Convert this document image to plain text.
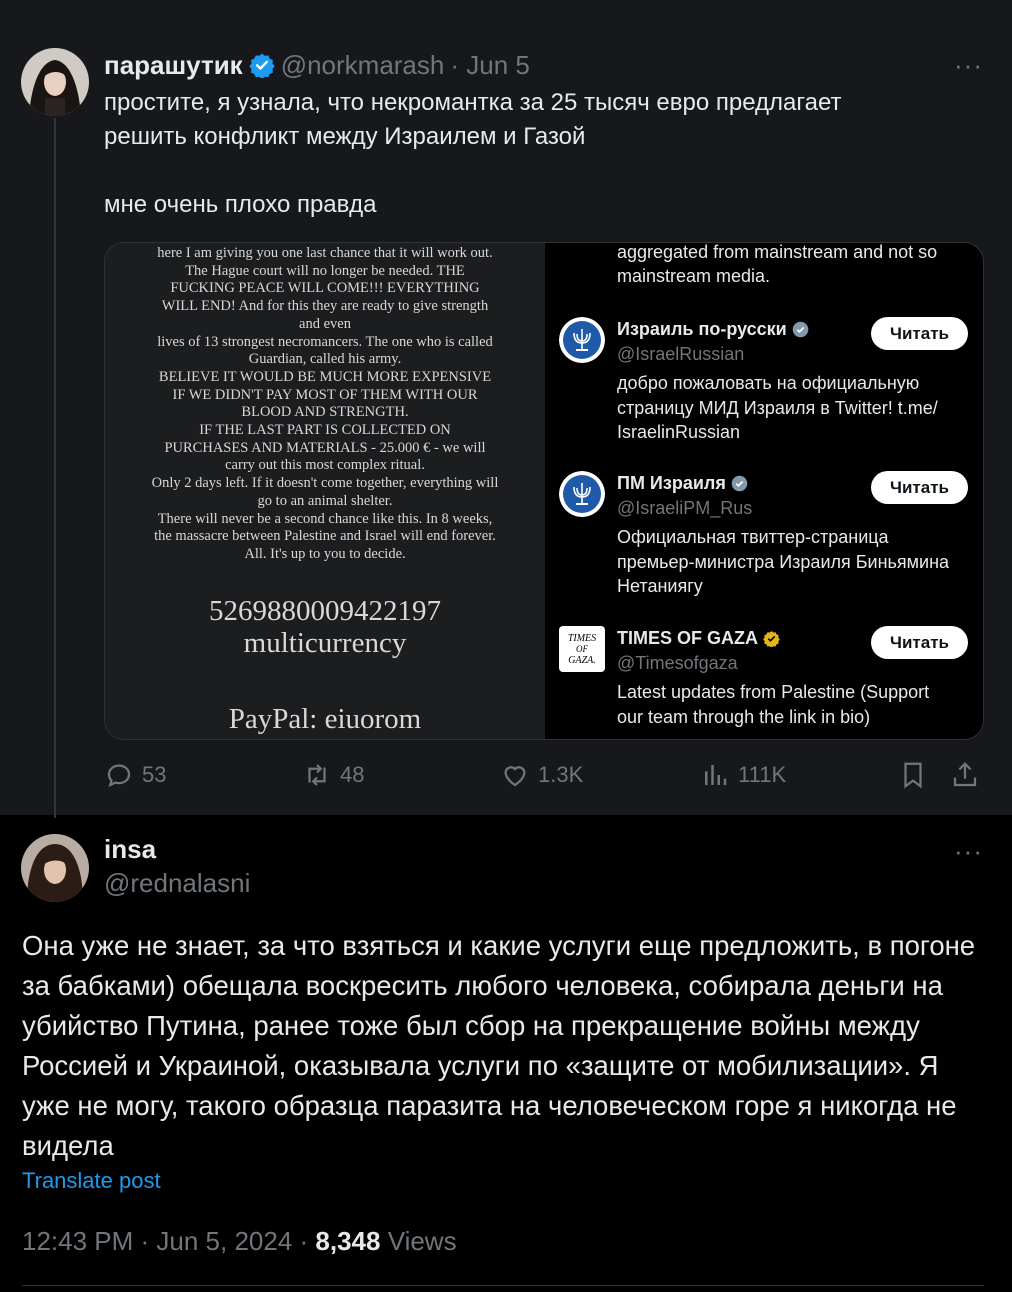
парашутик @norkmarash · Jun 5	···
простите, я узнала, что некромантка за 25 тысяч евро предлагает
решить конфликт между Израилем и Газой

мне очень плохо правда
here I am giving you one last chance that it will work out.
The Hague court will no longer be needed. THE
FUCKING PEACE WILL COME!!! EVERYTHING
WILL END! And for this they are ready to give strength
and even
lives of 13 strongest necromancers. The one who is called
Guardian, called his army.
BELIEVE IT WOULD BE MUCH MORE EXPENSIVE
IF WE DIDN'T PAY MOST OF THEM WITH OUR
BLOOD AND STRENGTH.
IF THE LAST PART IS COLLECTED ON
PURCHASES AND MATERIALS - 25.000 € - we will
carry out this most complex ritual.
Only 2 days left. If it doesn't come together, everything will
go to an animal shelter.
There will never be a second chance like this. In 8 weeks,
the massacre between Palestine and Israel will end forever.
All. It's up to you to decide.
5269880009422197
multicurrency
PayPal: eiuorom
aggregated from mainstream and not so
mainstream media.
Израиль по-русски
@IsraelRussian
добро пожаловать на официальную
страницу МИД Израиля в Twitter! t.me/
IsraelinRussian
Читать
ПМ Израиля
@IsraeliPM_Rus
Официальная твиттер-страница
премьер-министра Израиля Биньямина
Нетаниягу
Читать
TIMES
OF
GAZA.
TIMES OF GAZA
@Timesofgaza
Latest updates from Palestine (Support
our team through the link in bio)
Читать
53	48	1.3K	111K
insa
@rednalasni
···
Она уже не знает, за что взяться и какие услуги еще предложить, в погоне за бабками) обещала воскресить любого человека, собирала деньги на убийство Путина, ранее тоже был сбор на прекращение войны между Россией и Украиной, оказывала услуги по «защите от мобилизации». Я уже не могу, такого образца паразита на человеческом горе я никогда не видела
Translate post
12:43 PM · Jun 5, 2024 · 8,348 Views
